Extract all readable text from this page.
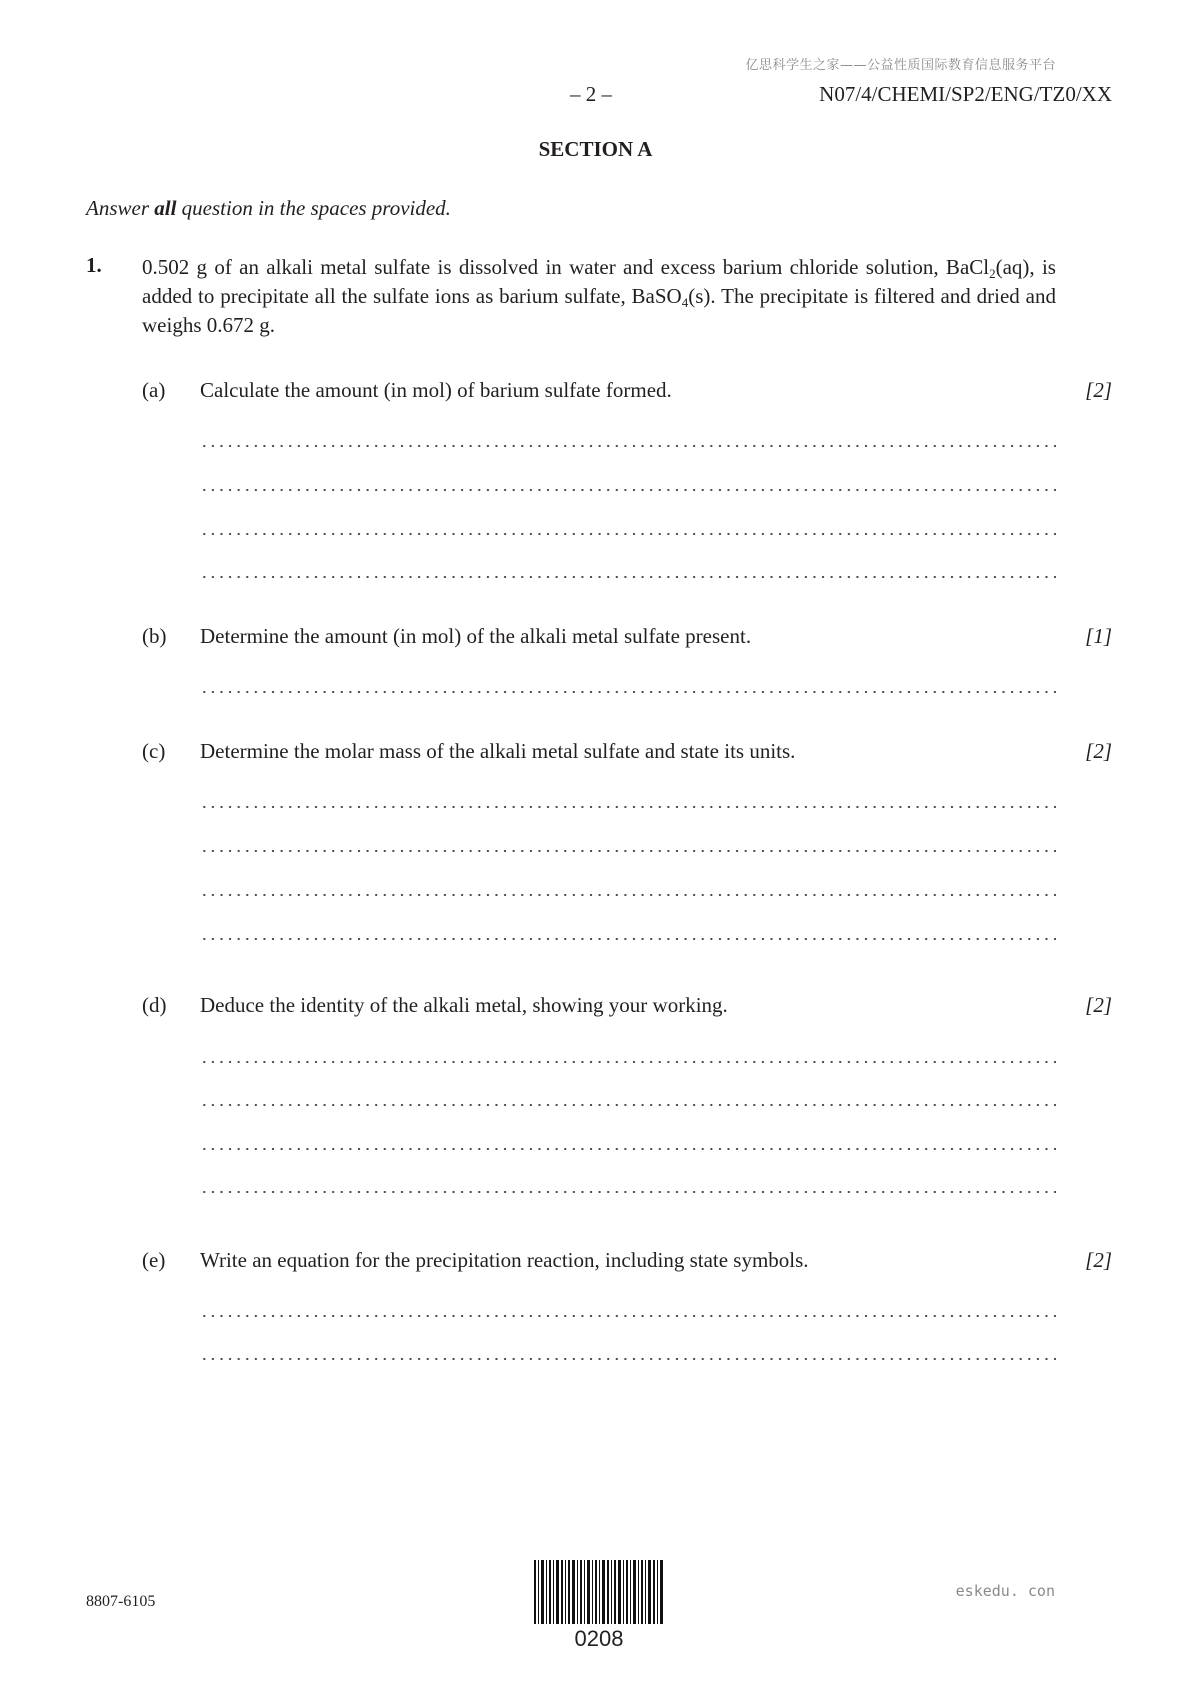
亿思科学生之家——公益性质国际教育信息服务平台
– 2 –	N07/4/CHEMI/SP2/ENG/TZ0/XX
SECTION A
Answer all question in the spaces provided.
1. 0.502 g of an alkali metal sulfate is dissolved in water and excess barium chloride solution, BaCl$_2$(aq), is added to precipitate all the sulfate ions as barium sulfate, BaSO$_4$(s). The precipitate is filtered and dried and weighs 0.672 g.
(a) Calculate the amount (in mol) of barium sulfate formed.	[2]
(b) Determine the amount (in mol) of the alkali metal sulfate present.	[1]
(c) Determine the molar mass of the alkali metal sulfate and state its units.	[2]
(d) Deduce the identity of the alkali metal, showing your working.	[2]
(e) Write an equation for the precipitation reaction, including state symbols.	[2]
8807-6105
0208
eskedu. con
